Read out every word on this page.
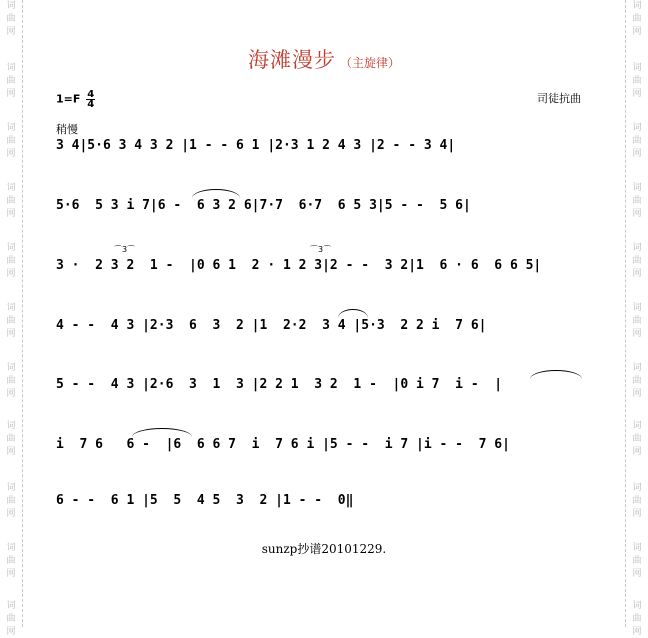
词
曲
网
词
曲
网
词
曲
网
词
曲
网
词
曲
网
词
曲
网
词
曲
网
词
曲
网
词
曲
网
词
曲
网
词
曲
网
词
曲
网
词
曲
网
词
曲
网
词
曲
网
词
曲
网
词
曲
网
词
曲
网
词
曲
网
词
曲
网
词
曲
网
词
曲
网
海滩漫步 （主旋律）
$1=F \frac{4}{4}$	司徒抗曲
稍慢
3 4|5·6 3 4 3 2 |1 - - 6 1 |2·3 1 2 4 3 |2 - - 3 4|
5·6  5 3 i 7|6 -  6 3 2 6|7·7  6·7  6 5 3|5 - -  5 6|
3 ·  2 3 2  1 -  |0 6 1  2 · 1 2 3|2 - -  3 2|1  6 · 6  6 6 5|
4 - -  4 3 |2·3  6  3  2 |1  2·2  3 4 |5·3  2 2 i  7 6|
5 - -  4 3 |2·6  3  1  3 |2 2 1  3 2  1 -  |0 i 7  i -  |
i  7 6   6 -  |6  6 6 7  i  7 6 i |5 - -  i 7 |i - -  7 6|
6 - -  6 1 |5  5  4 5  3  2 |1 - -  0‖
⌒3⌒	⌒3⌒
sunzp抄谱20101229.
